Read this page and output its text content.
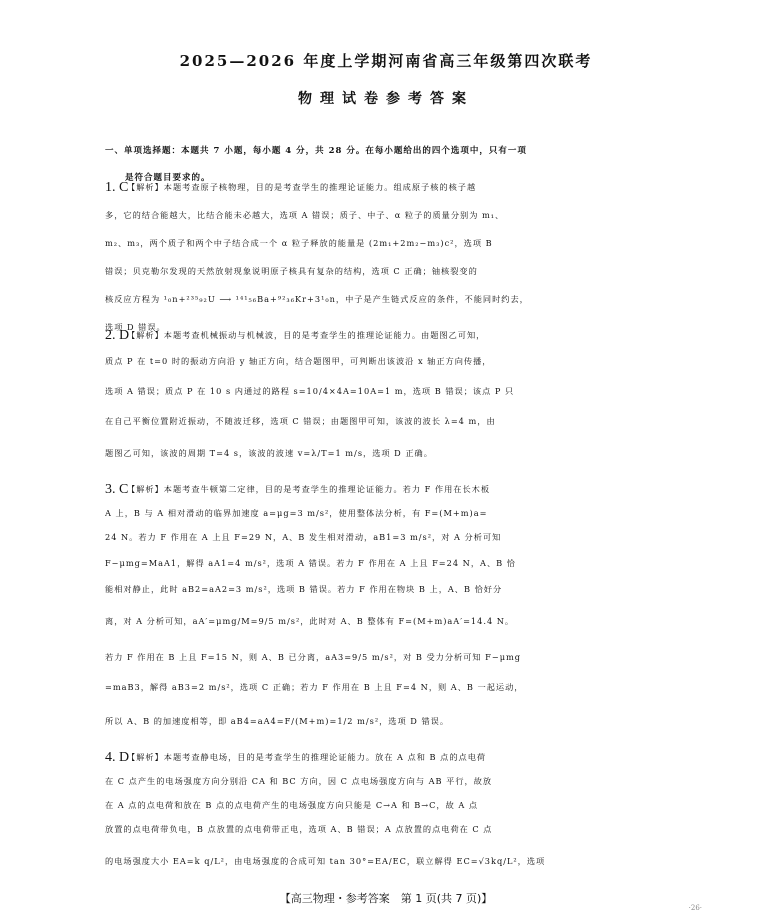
2025—2026 年度上学期河南省高三年级第四次联考
物理试卷参考答案
一、单项选择题：本题共 7 小题，每小题 4 分，共 28 分。在每小题给出的四个选项中，只有一项
是符合题目要求的。
1. C
【解析】本题考查原子核物理，目的是考查学生的推理论证能力。组成原子核的核子越
多，它的结合能越大，比结合能未必越大，选项 A 错误；质子、中子、α 粒子的质量分别为 m₁、
m₂、m₃，两个质子和两个中子结合成一个 α 粒子释放的能量是 (2m₁+2m₂−m₃)c²，选项 B
错误；贝克勒尔发现的天然放射现象说明原子核具有复杂的结构，选项 C 正确；铀核裂变的
核反应方程为 ¹₀n+²³⁵₉₂U ⟶ ¹⁴¹₅₆Ba+⁹²₃₆Kr+3¹₀n，中子是产生链式反应的条件，不能同时约去，
选项 D 错误。
2. D
【解析】本题考查机械振动与机械波，目的是考查学生的推理论证能力。由题图乙可知，
质点 P 在 t=0 时的振动方向沿 y 轴正方向，结合题图甲，可判断出该波沿 x 轴正方向传播，
选项 A 错误；质点 P 在 10 s 内通过的路程 s=10/4×4A=10A=1 m，选项 B 错误；该点 P 只
在自己平衡位置附近振动，不随波迁移，选项 C 错误；由题图甲可知，该波的波长 λ=4 m，由
题图乙可知，该波的周期 T=4 s，该波的波速 v=λ/T=1 m/s，选项 D 正确。
3. C
【解析】本题考查牛顿第二定律，目的是考查学生的推理论证能力。若力 F 作用在长木板
A 上，B 与 A 相对滑动的临界加速度 a=μg=3 m/s²，使用整体法分析，有 F=(M+m)a=
24 N。若力 F 作用在 A 上且 F=29 N，A、B 发生相对滑动，aB1=3 m/s²，对 A 分析可知
F−μmg=MaA1，解得 aA1=4 m/s²，选项 A 错误。若力 F 作用在 A 上且 F=24 N，A、B 恰
能相对静止，此时 aB2=aA2=3 m/s²，选项 B 错误。若力 F 作用在物块 B 上，A、B 恰好分
离，对 A 分析可知，aA′=μmg/M=9/5 m/s²，此时对 A、B 整体有 F=(M+m)aA′=14.4 N。
若力 F 作用在 B 上且 F=15 N，则 A、B 已分离，aA3=9/5 m/s²，对 B 受力分析可知 F−μmg
=maB3，解得 aB3=2 m/s²，选项 C 正确；若力 F 作用在 B 上且 F=4 N，则 A、B 一起运动，
所以 A、B 的加速度相等，即 aB4=aA4=F/(M+m)=1/2 m/s²，选项 D 错误。
4. D
【解析】本题考查静电场，目的是考查学生的推理论证能力。放在 A 点和 B 点的点电荷
在 C 点产生的电场强度方向分别沿 CA 和 BC 方向，因 C 点电场强度方向与 AB 平行，故放
在 A 点的点电荷和放在 B 点的点电荷产生的电场强度方向只能是 C→A 和 B→C，故 A 点
放置的点电荷带负电，B 点放置的点电荷带正电，选项 A、B 错误；A 点放置的点电荷在 C 点
的电场强度大小 EA=k q/L²，由电场强度的合成可知 tan 30°=EA/EC，联立解得 EC=√3kq/L²，选项
【高三物理・参考答案　第 1 页(共 7 页)】
·26·
